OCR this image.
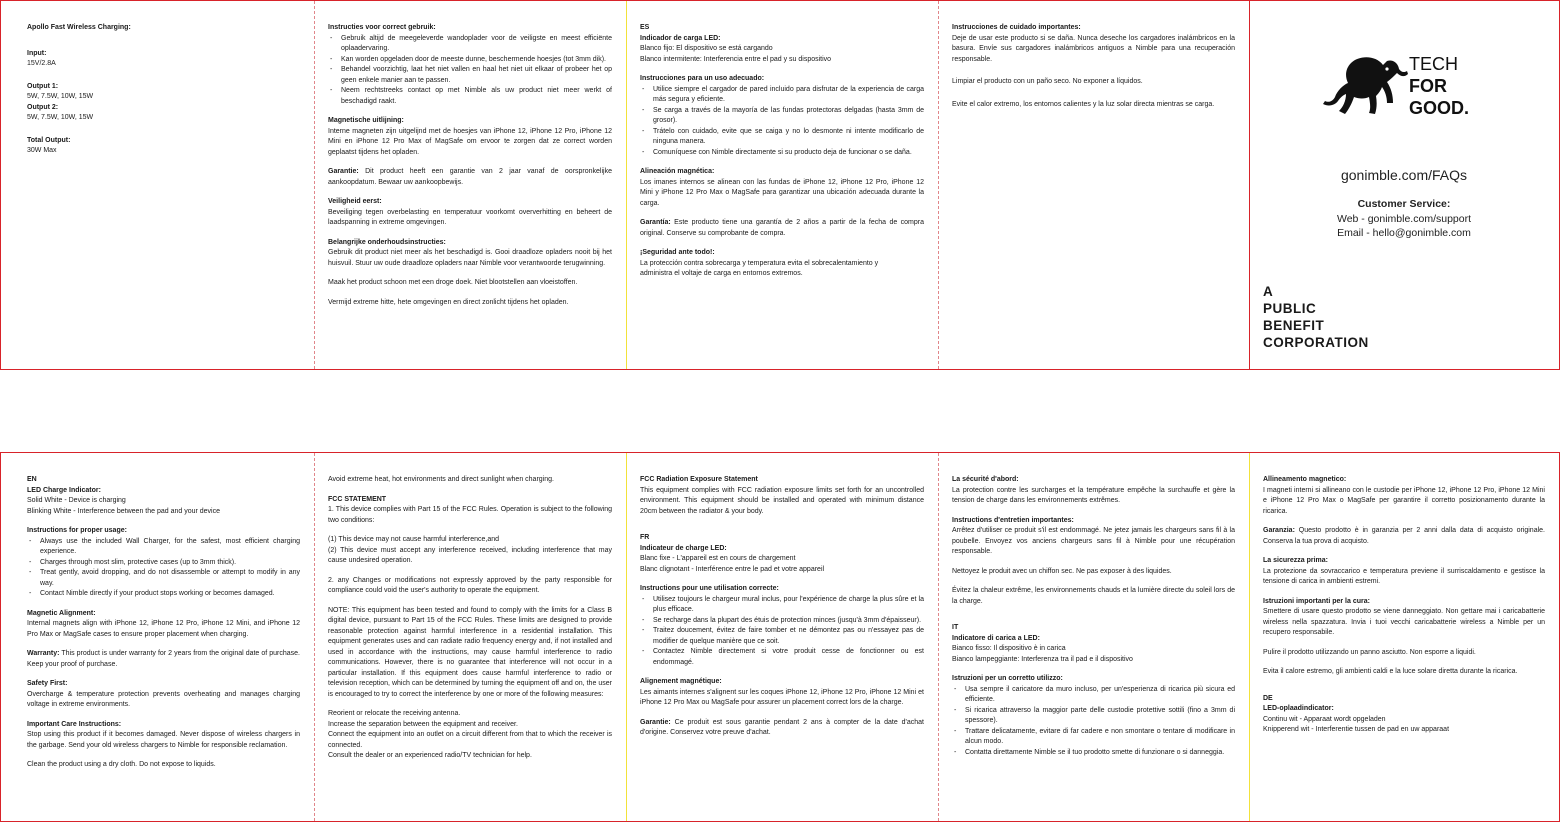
Apollo Fast Wireless Charging:
Input:
15V/2.8A
Output 1:
5W, 7.5W, 10W, 15W
Output 2:
5W, 7.5W, 10W, 15W
Total Output:
30W Max
Instructies voor correct gebruik:
- Gebruik altijd de meegeleverde wandoplader voor de veiligste en meest efficiënte oplaadervaring.
- Kan worden opgeladen door de meeste dunne, beschermende hoesjes (tot 3mm dik).
- Behandel voorzichtig, laat het niet vallen en haal het niet uit elkaar of probeer het op geen enkele manier aan te passen.
- Neem rechtstreeks contact op met Nimble als uw product niet meer werkt of beschadigd raakt.
Magnetische uitlijning:
Interne magneten zijn uitgelijnd met de hoesjes van iPhone 12, iPhone 12 Pro, iPhone 12 Mini en iPhone 12 Pro Max of MagSafe om ervoor te zorgen dat ze correct worden geplaatst tijdens het opladen.
Garantie: Dit product heeft een garantie van 2 jaar vanaf de oorspronkelijke aankoopdatum. Bewaar uw aankoopbewijs.
Veiligheid eerst:
Beveiliging tegen overbelasting en temperatuur voorkomt oververhitting en beheert de laadspanning in extreme omgevingen.
Belangrijke onderhoudsinstructies:
Gebruik dit product niet meer als het beschadigd is. Gooi draadloze opladers nooit bij het huisvuil. Stuur uw oude draadloze opladers naar Nimble voor verantwoorde terugwinning.
Maak het product schoon met een droge doek. Niet blootstellen aan vloeistoffen.
Vermijd extreme hitte, hete omgevingen en direct zonlicht tijdens het opladen.
ES
Indicador de carga LED:
Blanco fijo: El dispositivo se está cargando
Blanco intermitente: Interferencia entre el pad y su dispositivo
Instrucciones para un uso adecuado:
- Utilice siempre el cargador de pared incluido para disfrutar de la experiencia de carga más segura y eficiente.
- Se carga a través de la mayoría de las fundas protectoras delgadas (hasta 3mm de grosor).
- Trátelo con cuidado, evite que se caiga y no lo desmonte ni intente modificarlo de ninguna manera.
- Comuníquese con Nimble directamente si su producto deja de funcionar o se daña.
Alineación magnética:
Los imanes internos se alinean con las fundas de iPhone 12, iPhone 12 Pro, iPhone 12 Mini y iPhone 12 Pro Max o MagSafe para garantizar una ubicación adecuada durante la carga.
Garantía: Este producto tiene una garantía de 2 años a partir de la fecha de compra original. Conserve su comprobante de compra.
¡Seguridad ante todo!:
La protección contra sobrecarga y temperatura evita el sobrecalentamiento y administra el voltaje de carga en entornos extremos.
Instrucciones de cuidado importantes:
Deje de usar este producto si se daña. Nunca deseche los cargadores inalámbricos en la basura. Envíe sus cargadores inalámbricos antiguos a Nimble para una recuperación responsable.
Limpiar el producto con un paño seco. No exponer a líquidos.
Evite el calor extremo, los entornos calientes y la luz solar directa mientras se carga.
TECH
FOR
GOOD.
gonimble.com/FAQs
Customer Service:
Web - gonimble.com/support
Email - hello@gonimble.com
A
PUBLIC
BENEFIT
CORPORATION
EN
LED Charge Indicator:
Solid White - Device is charging
Blinking White - Interference between the pad and your device
Instructions for proper usage:
- Always use the included Wall Charger, for the safest, most efficient charging experience.
- Charges through most slim, protective cases (up to 3mm thick).
- Treat gently, avoid dropping, and do not disassemble or attempt to modify in any way.
- Contact Nimble directly if your product stops working or becomes damaged.
Magnetic Alignment:
Internal magnets align with iPhone 12, iPhone 12 Pro, iPhone 12 Mini, and iPhone 12 Pro Max or MagSafe cases to ensure proper placement when charging.
Warranty: This product is under warranty for 2 years from the original date of purchase. Keep your proof of purchase.
Safety First:
Overcharge & temperature protection prevents overheating and manages charging voltage in extreme environments.
Important Care Instructions:
Stop using this product if it becomes damaged. Never dispose of wireless chargers in the garbage. Send your old wireless chargers to Nimble for responsible reclamation.
Clean the product using a dry cloth. Do not expose to liquids.
Avoid extreme heat, hot environments and direct sunlight when charging.
FCC STATEMENT
1. This device complies with Part 15 of the FCC Rules. Operation is subject to the following two conditions:
(1) This device may not cause harmful interference,and
(2) This device must accept any interference received, including interference that may cause undesired operation.
2. any Changes or modifications not expressly approved by the party responsible for compliance could void the user's authority to operate the equipment.
NOTE: This equipment has been tested and found to comply with the limits for a Class B digital device, pursuant to Part 15 of the FCC Rules. These limits are designed to provide reasonable protection against harmful interference in a residential installation. This equipment generates uses and can radiate radio frequency energy and, if not installed and used in accordance with the instructions, may cause harmful interference to radio communications. However, there is no guarantee that interference will not occur in a particular installation. If this equipment does cause harmful interference to radio or television reception, which can be determined by turning the equipment off and on, the user is encouraged to try to correct the interference by one or more of the following measures:
Reorient or relocate the receiving antenna.
Increase the separation between the equipment and receiver.
Connect the equipment into an outlet on a circuit different from that to which the receiver is connected.
Consult the dealer or an experienced radio/TV technician for help.
FCC Radiation Exposure Statement
This equipment complies with FCC radiation exposure limits set forth for an uncontrolled environment. This equipment should be installed and operated with minimum distance 20cm between the radiator & your body.
FR
Indicateur de charge LED:
Blanc fixe - L'appareil est en cours de chargement
Blanc clignotant - Interférence entre le pad et votre appareil
Instructions pour une utilisation correcte:
- Utilisez toujours le chargeur mural inclus, pour l'expérience de charge la plus sûre et la plus efficace.
- Se recharge dans la plupart des étuis de protection minces (jusqu'à 3mm d'épaisseur).
- Traitez doucement, évitez de faire tomber et ne démontez pas ou n'essayez pas de modifier de quelque manière que ce soit.
- Contactez Nimble directement si votre produit cesse de fonctionner ou est endommagé.
Alignement magnétique:
Les aimants internes s'alignent sur les coques iPhone 12, iPhone 12 Pro, iPhone 12 Mini et iPhone 12 Pro Max ou MagSafe pour assurer un placement correct lors de la charge.
Garantie: Ce produit est sous garantie pendant 2 ans à compter de la date d'achat d'origine. Conservez votre preuve d'achat.
La sécurité d'abord:
La protection contre les surcharges et la température empêche la surchauffe et gère la tension de charge dans les environnements extrêmes.
Instructions d'entretien importantes:
Arrêtez d'utiliser ce produit s'il est endommagé. Ne jetez jamais les chargeurs sans fil à la poubelle. Envoyez vos anciens chargeurs sans fil à Nimble pour une récupération responsable.
Nettoyez le produit avec un chiffon sec. Ne pas exposer à des liquides.
Évitez la chaleur extrême, les environnements chauds et la lumière directe du soleil lors de la charge.
IT
Indicatore di carica a LED:
Bianco fisso: Il dispositivo è in carica
Bianco lampeggiante: Interferenza tra il pad e il dispositivo
Istruzioni per un corretto utilizzo:
- Usa sempre il caricatore da muro incluso, per un'esperienza di ricarica più sicura ed efficiente.
- Si ricarica attraverso la maggior parte delle custodie protettive sottili (fino a 3mm di spessore).
- Trattare delicatamente, evitare di far cadere e non smontare o tentare di modificare in alcun modo.
- Contatta direttamente Nimble se il tuo prodotto smette di funzionare o si danneggia.
Allineamento magnetico:
I magneti interni si allineano con le custodie per iPhone 12, iPhone 12 Pro, iPhone 12 Mini e iPhone 12 Pro Max o MagSafe per garantire il corretto posizionamento durante la ricarica.
Garanzia: Questo prodotto è in garanzia per 2 anni dalla data di acquisto originale. Conserva la tua prova di acquisto.
La sicurezza prima:
La protezione da sovraccarico e temperatura previene il surriscaldamento e gestisce la tensione di carica in ambienti estremi.
Istruzioni importanti per la cura:
Smettere di usare questo prodotto se viene danneggiato. Non gettare mai i caricabatterie wireless nella spazzatura. Invia i tuoi vecchi caricabatterie wireless a Nimble per un recupero responsabile.
Pulire il prodotto utilizzando un panno asciutto. Non esporre a liquidi.
Evita il calore estremo, gli ambienti caldi e la luce solare diretta durante la ricarica.
DE
LED-oplaadindicator:
Continu wit - Apparaat wordt opgeladen
Knipperend wit - Interferentie tussen de pad en uw apparaat
